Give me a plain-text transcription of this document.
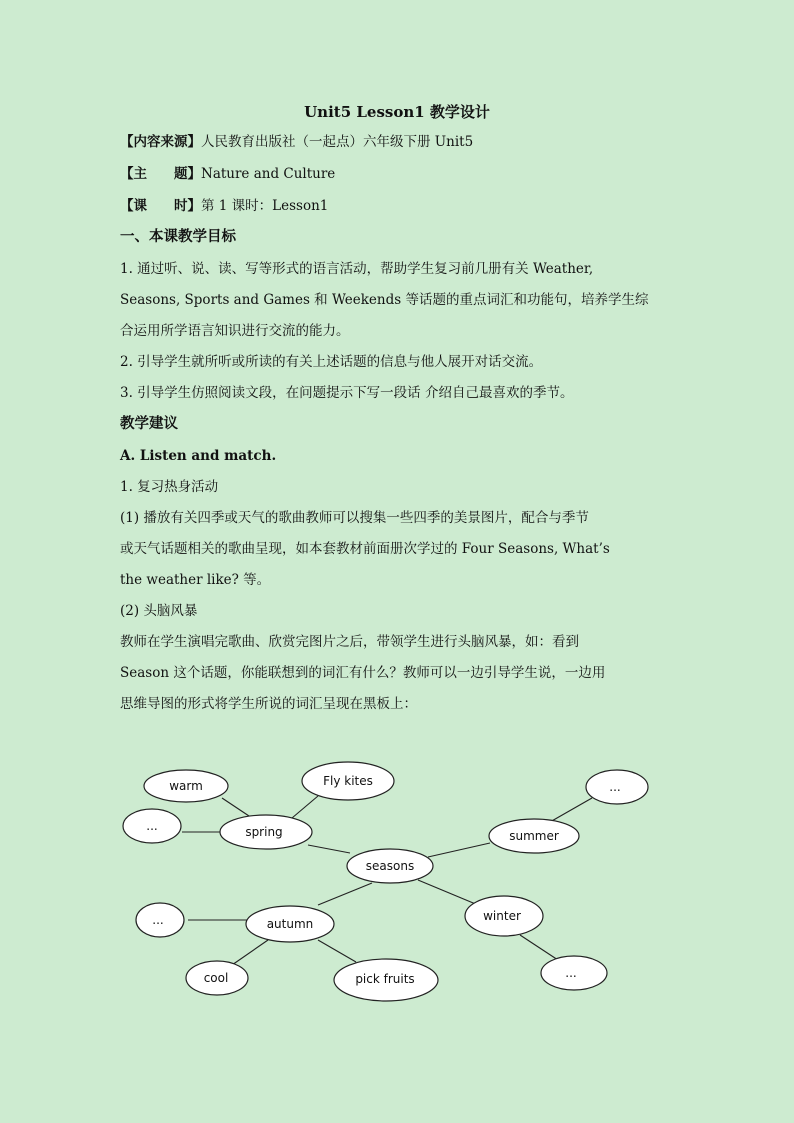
Unit5 Lesson1 教学设计
【内容来源】人民教育出版社（一起点）六年级下册 Unit5
【主　　题】Nature and Culture
【课　　时】第 1 课时：Lesson1
一、本课教学目标
1. 通过听、说、读、写等形式的语言活动，帮助学生复习前几册有关 Weather,
Seasons, Sports and Games 和 Weekends 等话题的重点词汇和功能句，培养学生综
合运用所学语言知识进行交流的能力。
2. 引导学生就所听或所读的有关上述话题的信息与他人展开对话交流。
3. 引导学生仿照阅读文段，在问题提示下写一段话 介绍自己最喜欢的季节。
教学建议
A. Listen and match.
1. 复习热身活动
(1) 播放有关四季或天气的歌曲教师可以搜集一些四季的美景图片，配合与季节
或天气话题相关的歌曲呈现，如本套教材前面册次学过的 Four Seasons, What’s
the weather like? 等。
(2) 头脑风暴
教师在学生演唱完歌曲、欣赏完图片之后，带领学生进行头脑风暴，如：看到
Season 这个话题，你能联想到的词汇有什么？教师可以一边引导学生说，一边用
思维导图的形式将学生所说的词汇呈现在黑板上：
warm	Fly kites
...	spring
...
summer
seasons
...	autumn
winter
cool	pick fruits	...
